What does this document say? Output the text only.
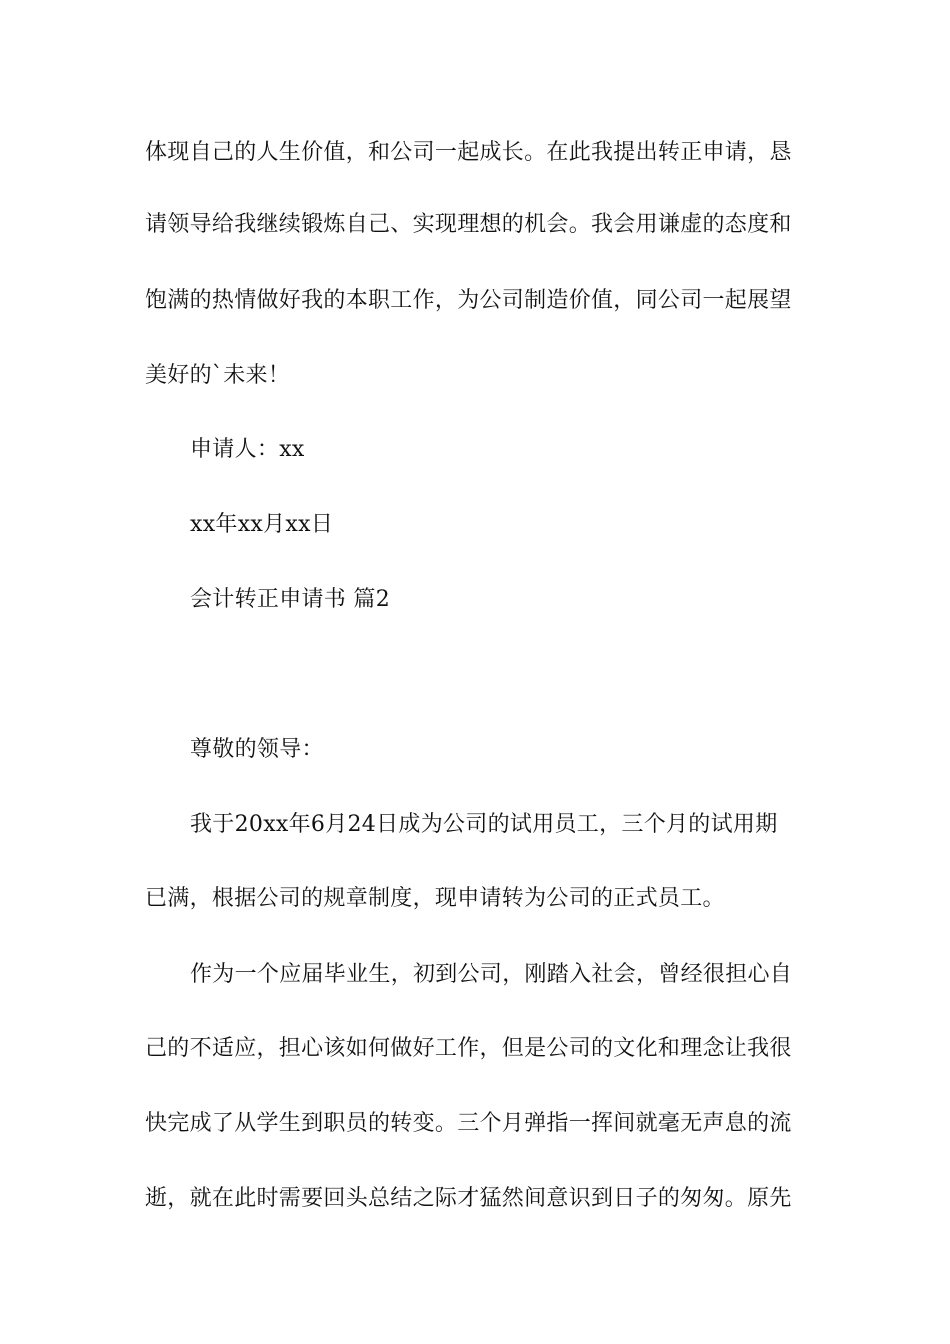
体现自己的人生价值，和公司一起成长。在此我提出转正申请，恳
请领导给我继续锻炼自己、实现理想的机会。我会用谦虚的态度和
饱满的热情做好我的本职工作，为公司制造价值，同公司一起展望
美好的`未来！
申请人：xx
xx年xx月xx日
会计转正申请书 篇2
尊敬的领导：
我于20xx年6月24日成为公司的试用员工，三个月的试用期
已满，根据公司的规章制度，现申请转为公司的正式员工。
作为一个应届毕业生，初到公司，刚踏入社会，曾经很担心自
己的不适应，担心该如何做好工作，但是公司的文化和理念让我很
快完成了从学生到职员的转变。三个月弹指一挥间就毫无声息的流
逝，就在此时需要回头总结之际才猛然间意识到日子的匆匆。原先
